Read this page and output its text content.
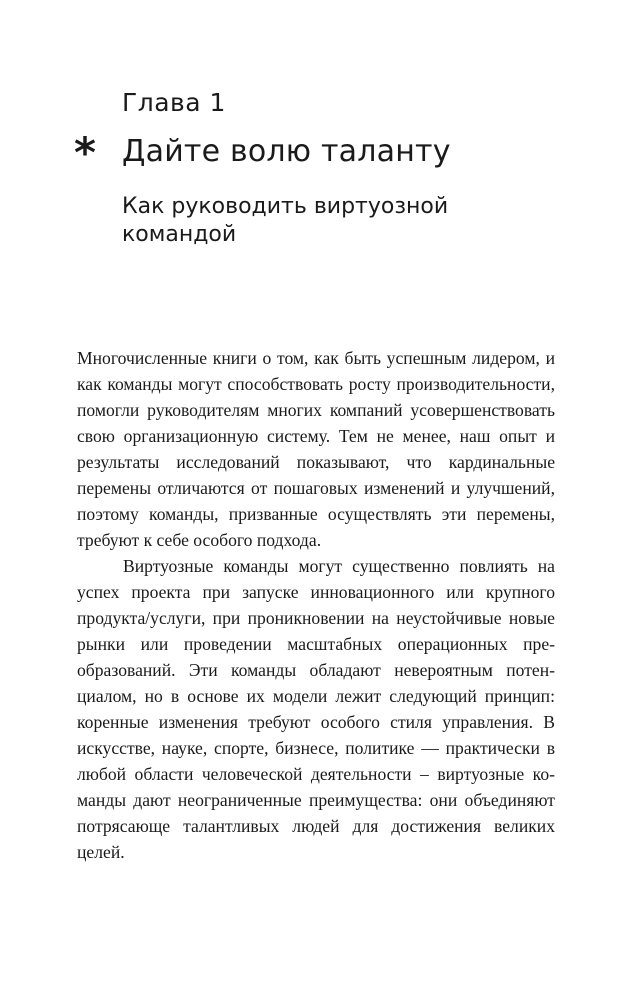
Глава 1
* Дайте волю таланту
Как руководить виртуозной
командой

Многочисленные книги о том, как быть успешным лидером, и как команды могут способствовать росту производительности, помогли руководителям многих компаний усовершенствовать свою организационную систему. Тем не менее, наш опыт и результаты исследований показывают, что кардинальные перемены отличаются от пошаговых изменений и улучшений, поэтому команды, призванные осуществлять эти перемены, требуют к себе особого подхода.

Виртуозные команды могут существенно повлиять на успех проекта при запуске инновационного или крупного продукта/услуги, при проникновении на неустойчивые новые рынки или проведении масштабных операционных преобразований. Эти команды обладают невероятным потенциалом, но в основе их модели лежит следующий принцип: коренные изменения требуют особого стиля управления. В искусстве, науке, спорте, бизнесе, политике — практически в любой области человеческой деятельности – виртуозные команды дают неограниченные преимущества: они объединяют потрясающе талантливых людей для достижения великих целей.
